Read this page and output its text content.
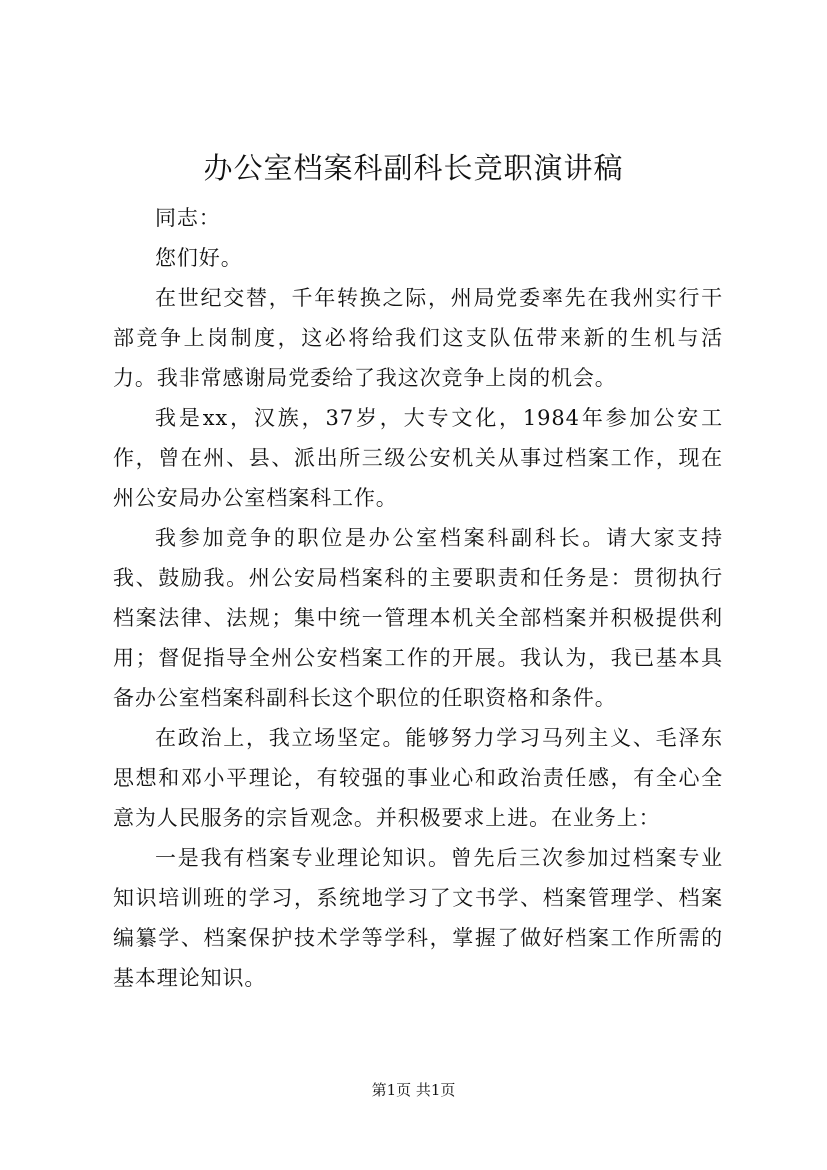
办公室档案科副科长竞职演讲稿

同志：

您们好。

在世纪交替，千年转换之际，州局党委率先在我州实行干部竞争上岗制度，这必将给我们这支队伍带来新的生机与活力。我非常感谢局党委给了我这次竞争上岗的机会。

我是xx，汉族，37岁，大专文化，1984年参加公安工作，曾在州、县、派出所三级公安机关从事过档案工作，现在州公安局办公室档案科工作。

我参加竞争的职位是办公室档案科副科长。请大家支持我、鼓励我。州公安局档案科的主要职责和任务是：贯彻执行档案法律、法规；集中统一管理本机关全部档案并积极提供利用；督促指导全州公安档案工作的开展。我认为，我已基本具备办公室档案科副科长这个职位的任职资格和条件。

在政治上，我立场坚定。能够努力学习马列主义、毛泽东思想和邓小平理论，有较强的事业心和政治责任感，有全心全意为人民服务的宗旨观念。并积极要求上进。在业务上：

一是我有档案专业理论知识。曾先后三次参加过档案专业知识培训班的学习，系统地学习了文书学、档案管理学、档案编纂学、档案保护技术学等学科，掌握了做好档案工作所需的基本理论知识。

第1页 共1页
